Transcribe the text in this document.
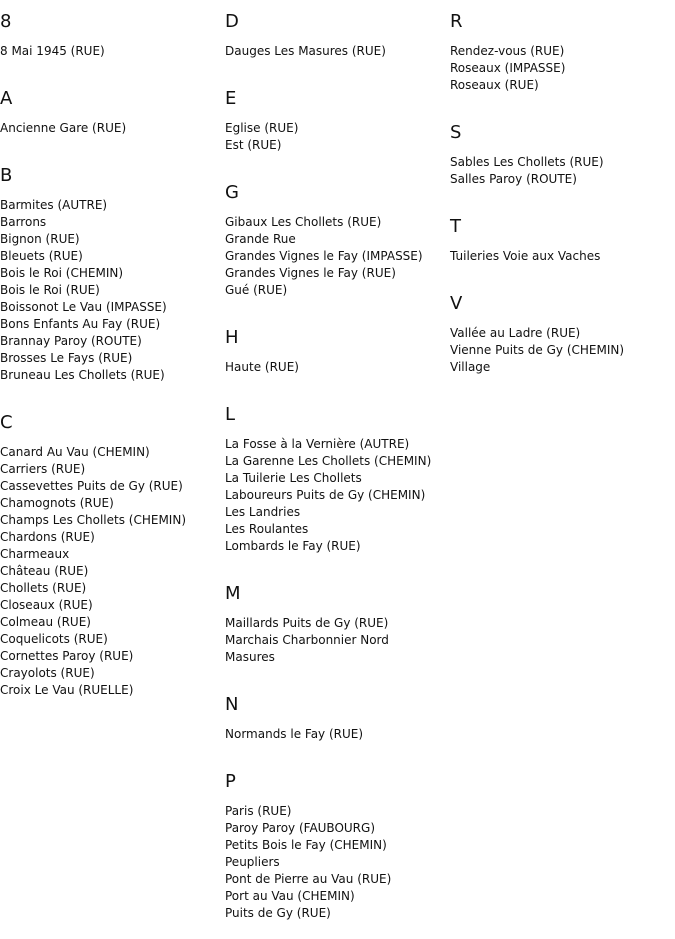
8
8 Mai 1945 (RUE)
A
Ancienne Gare (RUE)
B
Barmites (AUTRE)
Barrons
Bignon (RUE)
Bleuets (RUE)
Bois le Roi (CHEMIN)
Bois le Roi (RUE)
Boissonot Le Vau (IMPASSE)
Bons Enfants Au Fay (RUE)
Brannay Paroy (ROUTE)
Brosses Le Fays (RUE)
Bruneau Les Chollets (RUE)
C
Canard Au Vau (CHEMIN)
Carriers (RUE)
Cassevettes Puits de Gy (RUE)
Chamognots (RUE)
Champs Les Chollets (CHEMIN)
Chardons (RUE)
Charmeaux
Château (RUE)
Chollets (RUE)
Closeaux (RUE)
Colmeau (RUE)
Coquelicots (RUE)
Cornettes Paroy (RUE)
Crayolots (RUE)
Croix Le Vau (RUELLE)
D
Dauges Les Masures (RUE)
E
Eglise (RUE)
Est (RUE)
G
Gibaux Les Chollets (RUE)
Grande Rue
Grandes Vignes le Fay (IMPASSE)
Grandes Vignes le Fay (RUE)
Gué (RUE)
H
Haute (RUE)
L
La Fosse à la Vernière (AUTRE)
La Garenne Les Chollets (CHEMIN)
La Tuilerie Les Chollets
Laboureurs Puits de Gy (CHEMIN)
Les Landries
Les Roulantes
Lombards le Fay (RUE)
M
Maillards Puits de Gy (RUE)
Marchais Charbonnier Nord
Masures
N
Normands le Fay (RUE)
P
Paris (RUE)
Paroy Paroy (FAUBOURG)
Petits Bois le Fay (CHEMIN)
Peupliers
Pont de Pierre au Vau (RUE)
Port au Vau (CHEMIN)
Puits de Gy (RUE)
R
Rendez-vous (RUE)
Roseaux (IMPASSE)
Roseaux (RUE)
S
Sables Les Chollets (RUE)
Salles Paroy (ROUTE)
T
Tuileries Voie aux Vaches
V
Vallée au Ladre (RUE)
Vienne Puits de Gy (CHEMIN)
Village
